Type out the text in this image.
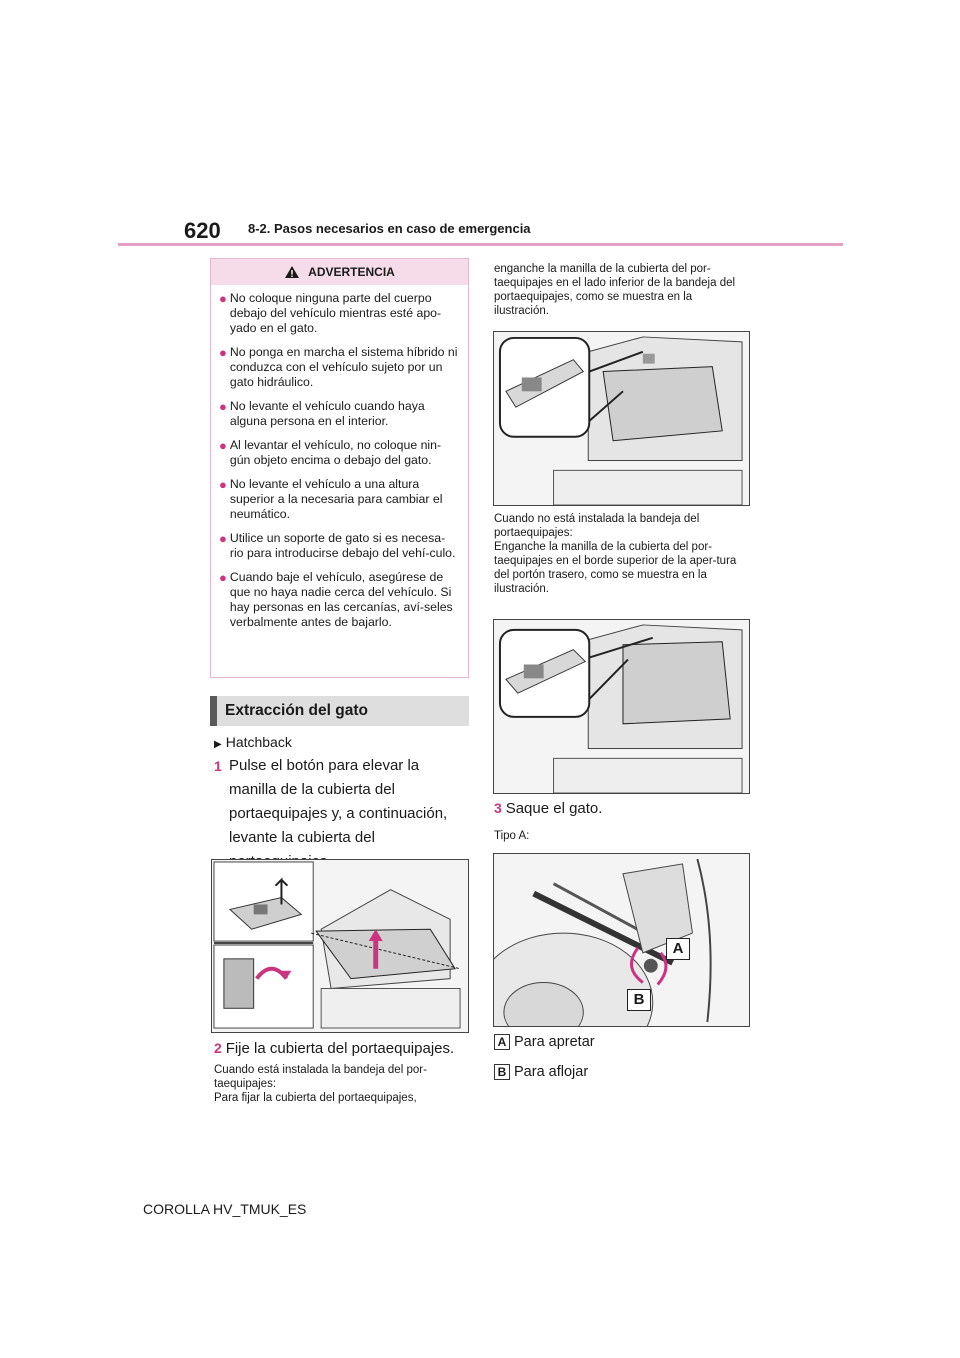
620 8-2. Pasos necesarios en caso de emergencia
ADVERTENCIA
● No coloque ninguna parte del cuerpo debajo del vehículo mientras esté apo-yado en el gato.
● No ponga en marcha el sistema híbrido ni conduzca con el vehículo sujeto por un gato hidráulico.
● No levante el vehículo cuando haya alguna persona en el interior.
● Al levantar el vehículo, no coloque nin-gún objeto encima o debajo del gato.
● No levante el vehículo a una altura superior a la necesaria para cambiar el neumático.
● Utilice un soporte de gato si es necesa-rio para introducirse debajo del vehí-culo.
● Cuando baje el vehículo, asegúrese de que no haya nadie cerca del vehículo. Si hay personas en las cercanías, aví-seles verbalmente antes de bajarlo.
Extracción del gato
▶ Hatchback
1 Pulse el botón para elevar la manilla de la cubierta del portaequipajes y, a continuación, levante la cubierta del
2 Fije la cubierta del portaequipajes.
Cuando está instalada la bandeja del por-taequipajes:
Para fijar la cubierta del portaequipajes,
enganche la manilla de la cubierta del por-taequipajes en el lado inferior de la bandeja del portaequipajes, como se muestra en la ilustración.
Cuando no está instalada la bandeja del portaequipajes:
Enganche la manilla de la cubierta del por-taequipajes en el borde superior de la aper-tura del portón trasero, como se muestra en la ilustración.
3 Saque el gato.
Tipo A:
A
B
A Para apretar
B Para aflojar
COROLLA HV_TMUK_ES
